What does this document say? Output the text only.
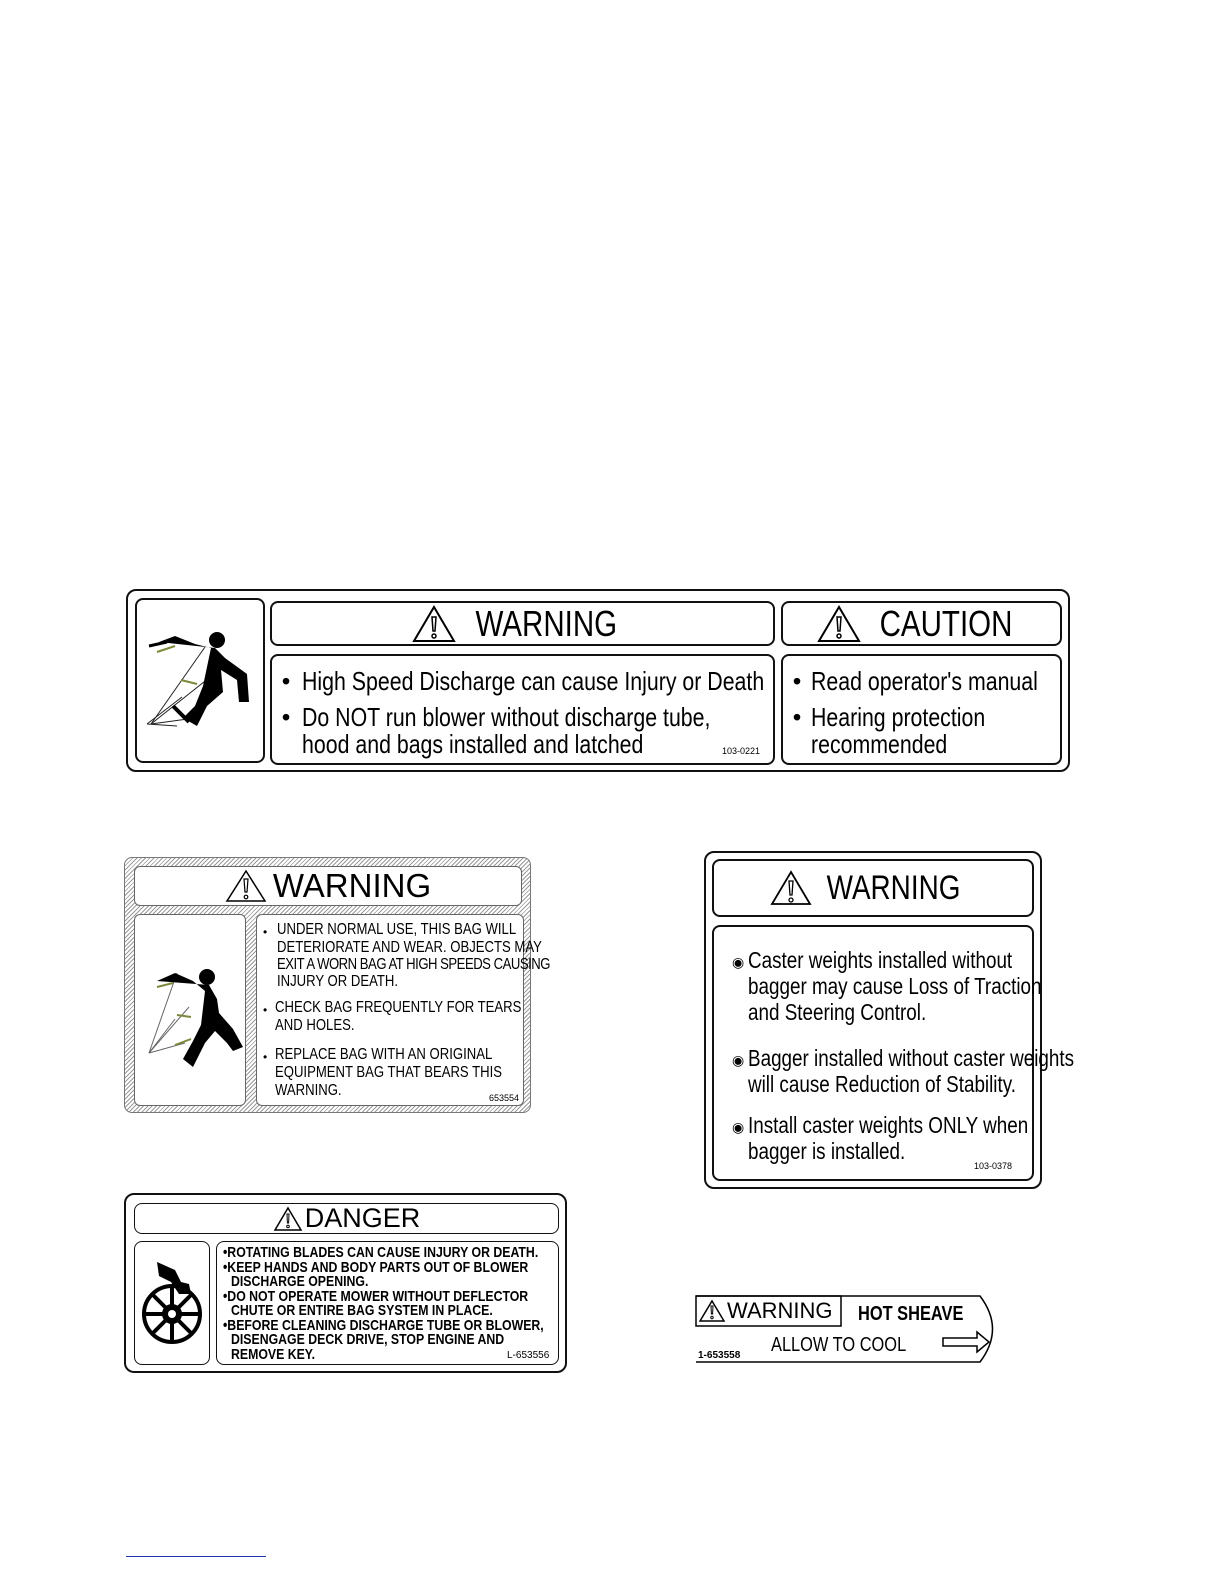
WARNING
• High Speed Discharge can cause Injury or Death
• Do NOT run blower without discharge tube,
hood and bags installed and latched	103-0221
CAUTION
• Read operator's manual
• Hearing protection
recommended
WARNING
• UNDER NORMAL USE, THIS BAG WILL
DETERIORATE AND WEAR. OBJECTS MAY
EXIT A WORN BAG AT HIGH SPEEDS CAUSING
INJURY OR DEATH.
• CHECK BAG FREQUENTLY FOR TEARS
AND HOLES.
• REPLACE BAG WITH AN ORIGINAL
EQUIPMENT BAG THAT BEARS THIS
WARNING.	653554
WARNING
◉ Caster weights installed without
bagger may cause Loss of Traction
and Steering Control.
◉ Bagger installed without caster weights
will cause Reduction of Stability.
◉ Install caster weights ONLY when
bagger is installed.
103-0378
DANGER
•ROTATING BLADES CAN CAUSE INJURY OR DEATH.
•KEEP HANDS AND BODY PARTS OUT OF BLOWER
DISCHARGE OPENING.
•DO NOT OPERATE MOWER WITHOUT DEFLECTOR
CHUTE OR ENTIRE BAG SYSTEM IN PLACE.
•BEFORE CLEANING DISCHARGE TUBE OR BLOWER,
DISENGAGE DECK DRIVE, STOP ENGINE AND
REMOVE KEY.	L-653556
WARNING HOT SHEAVE
ALLOW TO COOL
1-653558
